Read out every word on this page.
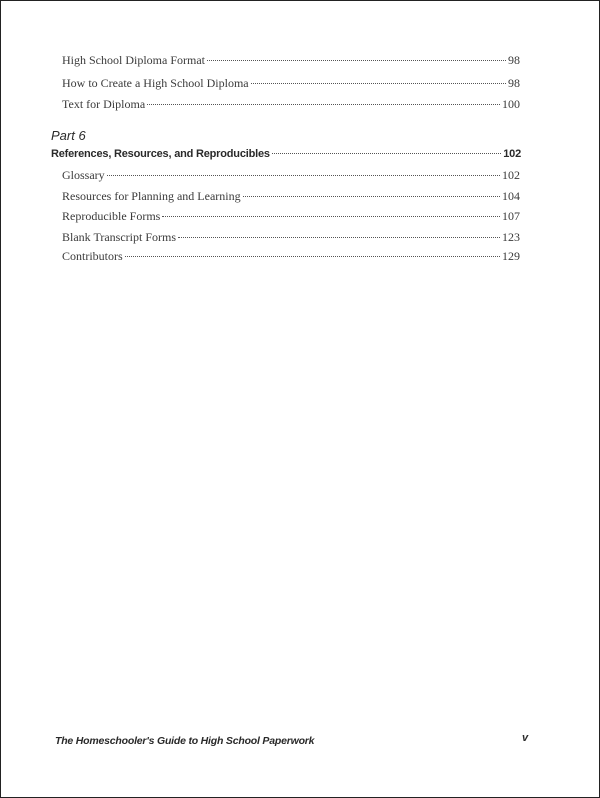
High School Diploma Format	98
How to Create a High School Diploma	98
Text for Diploma	100
Part 6
References, Resources, and Reproducibles	102
Glossary	102
Resources for Planning and Learning	104
Reproducible Forms	107
Blank Transcript Forms	123
Contributors	129
The Homeschooler's Guide to High School Paperwork	v
